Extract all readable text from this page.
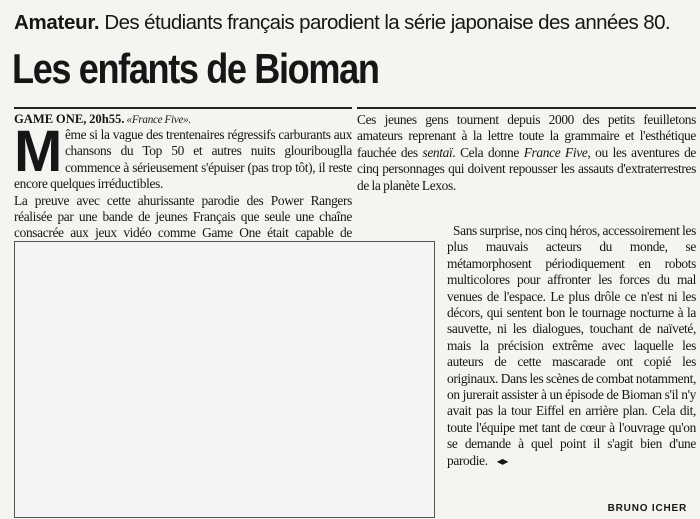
Amateur. Des étudiants français parodient la série japonaise des années 80.
Les enfants de Bioman
GAME ONE, 20h55. «France Five».

Même si la vague des trentenaires régressifs carburants aux chansons du Top 50 et autres nuits glouribouglla commence à sérieusement s'épuiser (pas trop tôt), il reste encore quelques irréductibles.

La preuve avec cette ahurissante parodie des Power Rangers réalisée par une bande de jeunes Français que seule une chaîne consacrée aux jeux vidéo comme Game One était capable de

Ces jeunes gens tournent depuis 2000 des petits feuilletons amateurs reprenant à la lettre toute la grammaire et l'esthétique fauchée des sentaï. Cela donne France Five, ou les aventures de cinq personnages qui doivent repousser les assauts d'extraterrestres de la planète Lexos.

Sans surprise, nos cinq héros, accessoirement les plus mauvais acteurs du monde, se métamorphosent périodiquement en robots multicolores pour affronter les forces du mal venues de l'espace. Le plus drôle ce n'est ni les décors, qui sentent bon le tournage nocturne à la sauvette, ni les dialogues, touchant de naïveté, mais la précision extrême avec laquelle les auteurs de cette mascarade ont copié les originaux. Dans les scènes de combat notamment, on jurerait assister à un épisode de Bioman s'il n'y avait pas la tour Eiffel en arrière plan. Cela dit, toute l'équipe met tant de cœur à l'ouvrage qu'on se demande à quel point il s'agit bien d'une parodie. ◂▸

BRUNO ICHER
